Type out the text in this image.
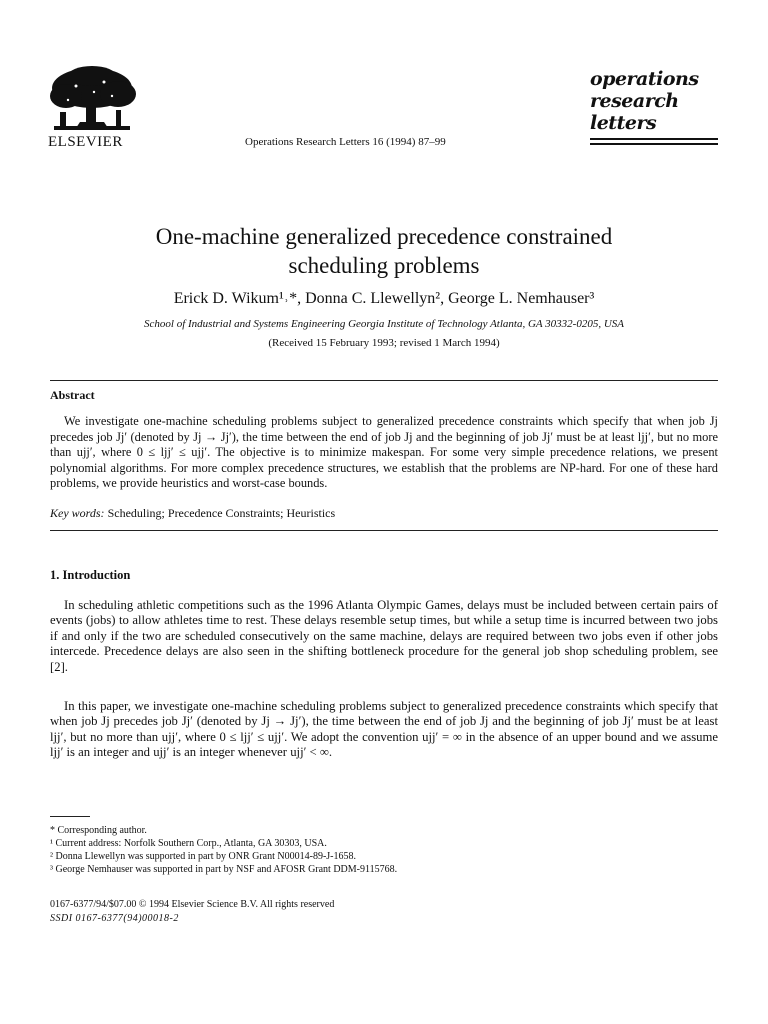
ELSEVIER	Operations Research Letters 16 (1994) 87–99
operations
research
letters
One-machine generalized precedence constrained
scheduling problems
Erick D. Wikum¹˒*, Donna C. Llewellyn², George L. Nemhauser³
School of Industrial and Systems Engineering Georgia Institute of Technology Atlanta, GA 30332-0205, USA
(Received 15 February 1993; revised 1 March 1994)
Abstract
We investigate one-machine scheduling problems subject to generalized precedence constraints which specify that when job Jj precedes job Jj′ (denoted by Jj → Jj′), the time between the end of job Jj and the beginning of job Jj′ must be at least ljj′, but no more than ujj′, where 0 ≤ ljj′ ≤ ujj′. The objective is to minimize makespan. For some very simple precedence relations, we present polynomial algorithms. For more complex precedence structures, we establish that the problems are NP-hard. For one of these hard problems, we provide heuristics and worst-case bounds.
Key words: Scheduling; Precedence Constraints; Heuristics
1. Introduction
In scheduling athletic competitions such as the 1996 Atlanta Olympic Games, delays must be included between certain pairs of events (jobs) to allow athletes time to rest. These delays resemble setup times, but while a setup time is incurred between two jobs if and only if the two are scheduled consecutively on the same machine, delays are required between two jobs even if other jobs intercede. Precedence delays are also seen in the shifting bottleneck procedure for the general job shop scheduling problem, see [2].
In this paper, we investigate one-machine scheduling problems subject to generalized precedence constraints which specify that when job Jj precedes job Jj′ (denoted by Jj → Jj′), the time between the end of job Jj and the beginning of job Jj′ must be at least ljj′, but no more than ujj′, where 0 ≤ ljj′ ≤ ujj′. We adopt the convention ujj′ = ∞ in the absence of an upper bound and we assume ljj′ is an integer and ujj′ is an integer whenever ujj′ < ∞.
* Corresponding author.
¹ Current address: Norfolk Southern Corp., Atlanta, GA 30303, USA.
² Donna Llewellyn was supported in part by ONR Grant N00014-89-J-1658.
³ George Nemhauser was supported in part by NSF and AFOSR Grant DDM-9115768.
0167-6377/94/$07.00 © 1994 Elsevier Science B.V. All rights reserved
SSDI 0167-6377(94)00018-2
